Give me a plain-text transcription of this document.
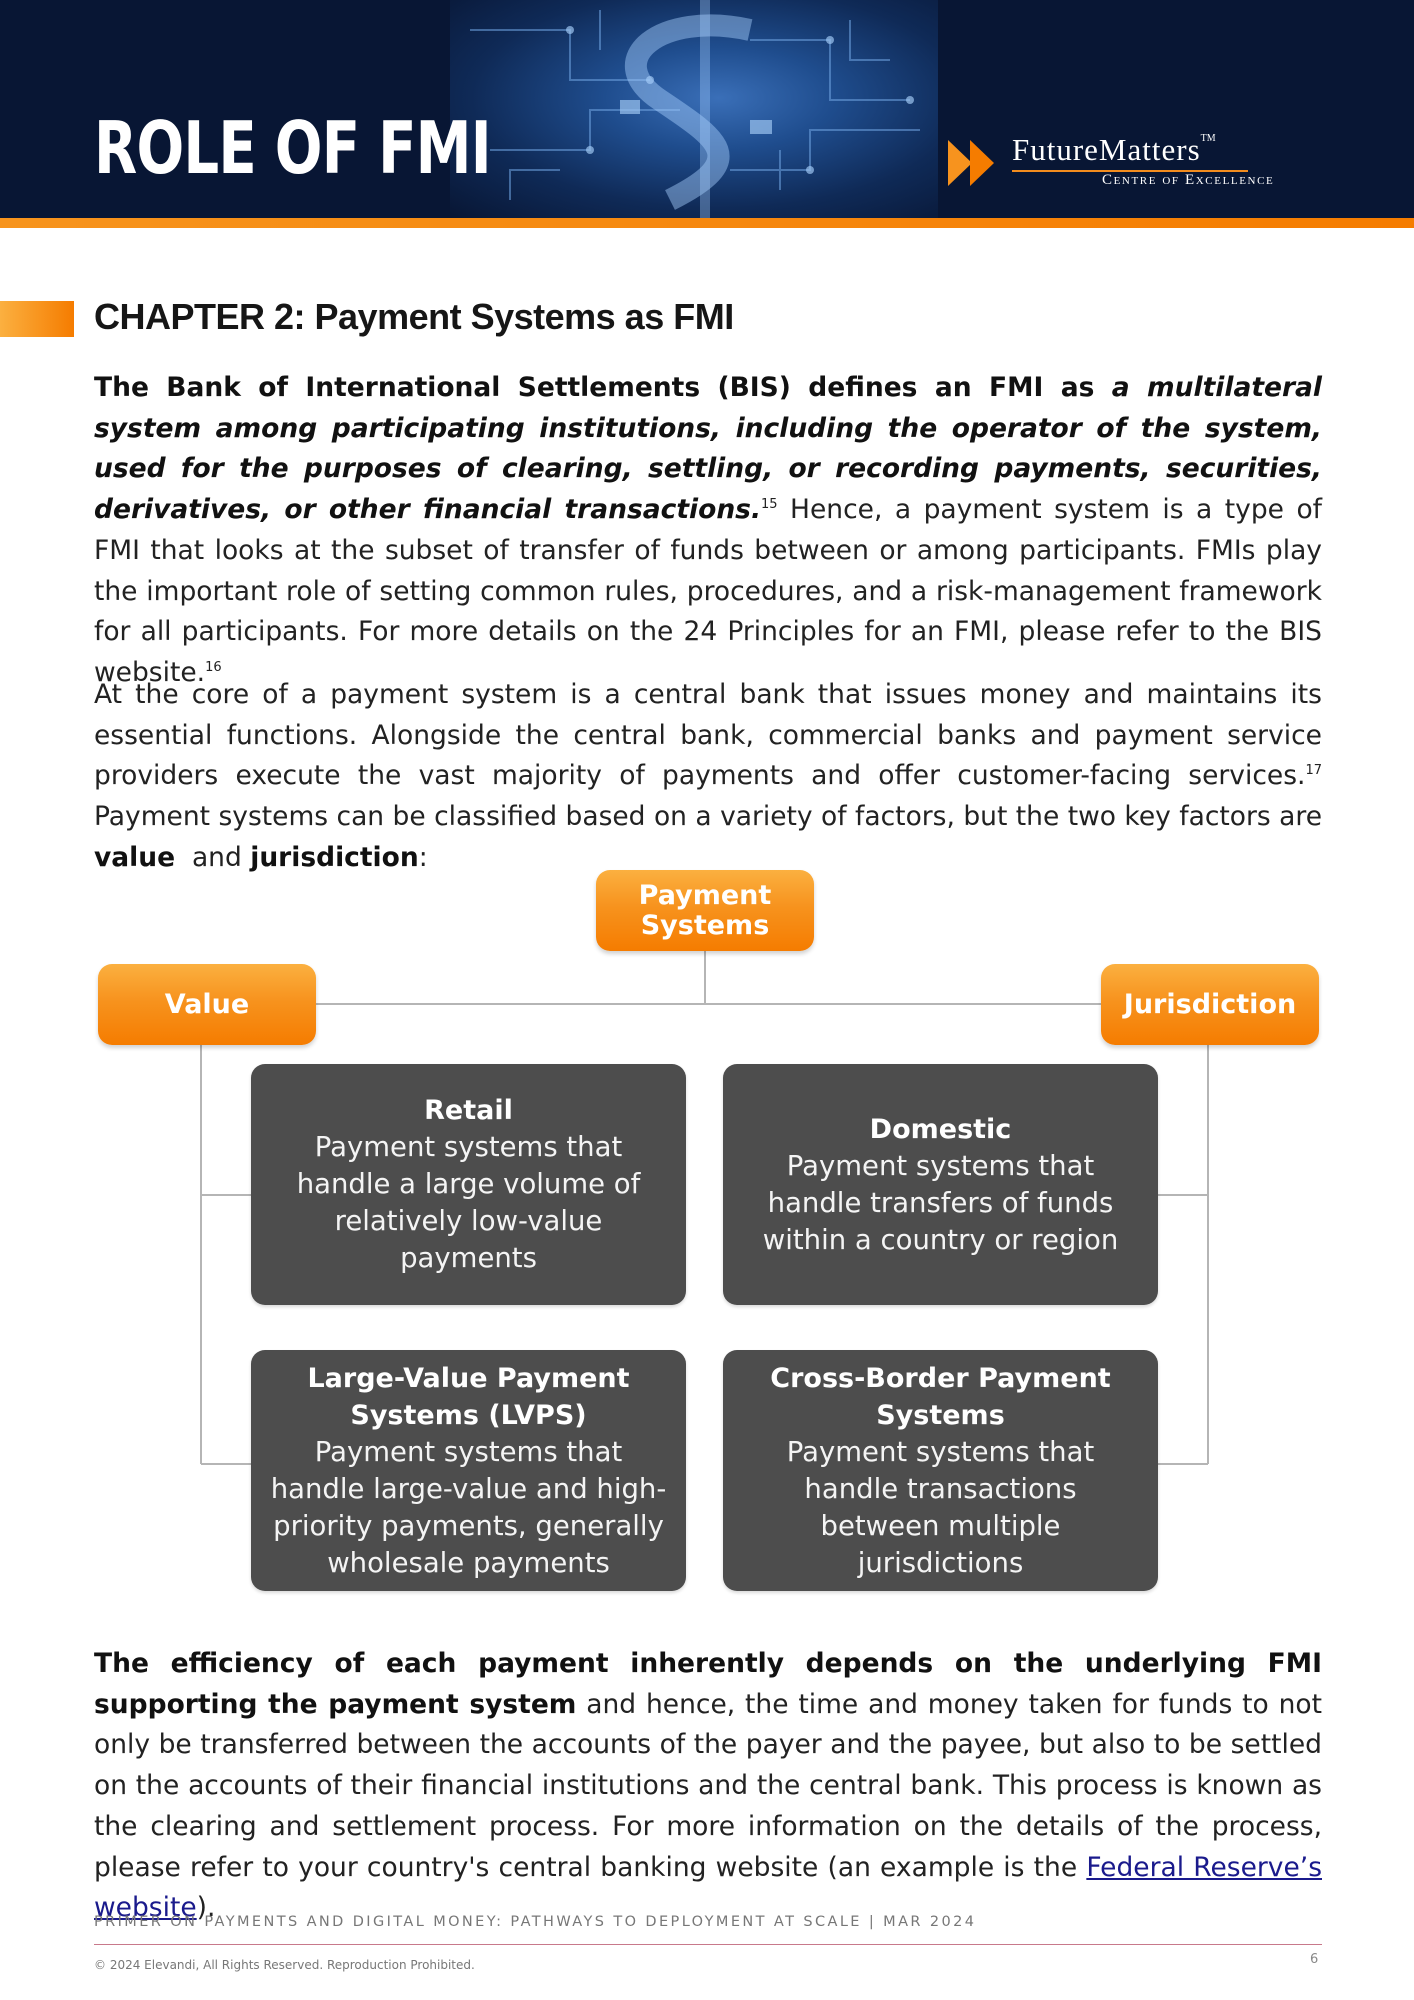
ROLE OF FMI	FutureMatters™
Centre of Excellence
CHAPTER 2: Payment Systems as FMI

The Bank of International Settlements (BIS) defines an FMI as a multilateral system among participating institutions, including the operator of the system, used for the purposes of clearing, settling, or recording payments, securities, derivatives, or other financial transactions.$^{15}$ Hence, a payment system is a type of FMI that looks at the subset of transfer of funds between or among participants. FMIs play the important role of setting common rules, procedures, and a risk-management framework for all participants. For more details on the 24 Principles for an FMI, please refer to the BIS website.$^{16}$

At the core of a payment system is a central bank that issues money and maintains its essential functions. Alongside the central bank, commercial banks and payment service providers execute the vast majority of payments and offer customer-facing services.$^{17}$ Payment systems can be classified based on a variety of factors, but the two key factors are value  and jurisdiction:

Payment
Systems
Value	Jurisdiction
Retail
Payment systems that handle a large volume of relatively low-value payments
Domestic
Payment systems that handle transfers of funds within a country or region
Large-Value Payment Systems (LVPS)
Payment systems that handle large-value and high-priority payments, generally wholesale payments
Cross-Border Payment Systems
Payment systems that handle transactions between multiple jurisdictions

The efficiency of each payment inherently depends on the underlying FMI supporting the payment system and hence, the time and money taken for funds to not only be transferred between the accounts of the payer and the payee, but also to be settled on the accounts of their financial institutions and the central bank. This process is known as the clearing and settlement process. For more information on the details of the process, please refer to your country's central banking website (an example is the Federal Reserve’s website).

PRIMER ON PAYMENTS AND DIGITAL MONEY: PATHWAYS TO DEPLOYMENT AT SCALE | MAR 2024
© 2024 Elevandi, All Rights Reserved. Reproduction Prohibited.	6
